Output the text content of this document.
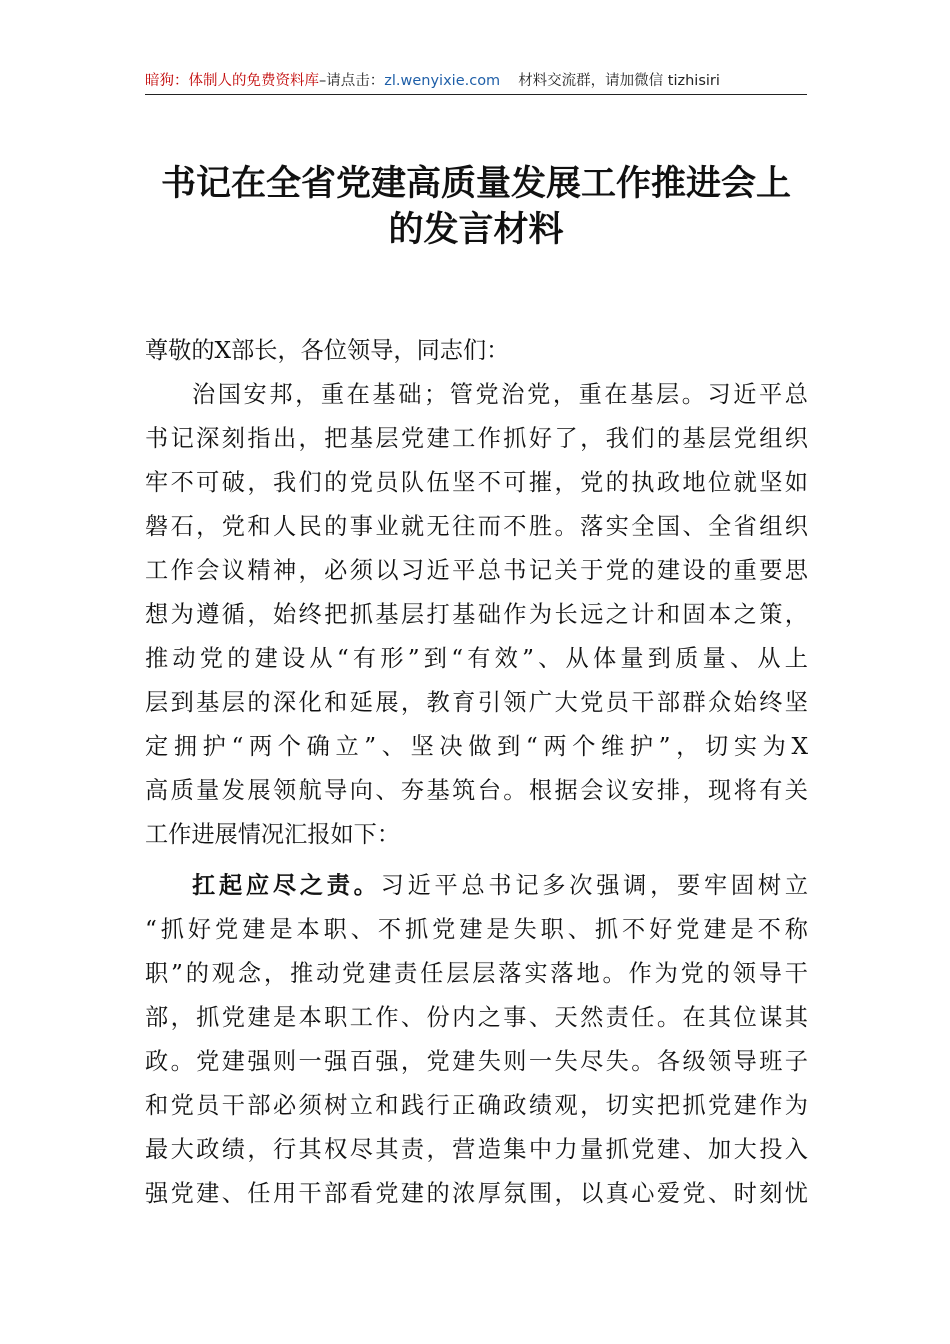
暗狗：体制人的免费资料库–请点击：zl.wenyixie.com 材料交流群，请加微信 tizhisiri
书记在全省党建高质量发展工作推进会上
的发言材料
尊敬的X部长，各位领导，同志们：
治国安邦，重在基础；管党治党，重在基层。习近平总
书记深刻指出，把基层党建工作抓好了，我们的基层党组织
牢不可破，我们的党员队伍坚不可摧，党的执政地位就坚如
磐石，党和人民的事业就无往而不胜。落实全国、全省组织
工作会议精神，必须以习近平总书记关于党的建设的重要思
想为遵循，始终把抓基层打基础作为长远之计和固本之策，
推动党的建设从“有形”到“有效”、从体量到质量、从上
层到基层的深化和延展，教育引领广大党员干部群众始终坚
定拥护“两个确立”、坚决做到“两个维护”，切实为X
高质量发展领航导向、夯基筑台。根据会议安排，现将有关
工作进展情况汇报如下：
扛起应尽之责。习近平总书记多次强调，要牢固树立
“抓好党建是本职、不抓党建是失职、抓不好党建是不称
职”的观念，推动党建责任层层落实落地。作为党的领导干
部，抓党建是本职工作、份内之事、天然责任。在其位谋其
政。党建强则一强百强，党建失则一失尽失。各级领导班子
和党员干部必须树立和践行正确政绩观，切实把抓党建作为
最大政绩，行其权尽其责，营造集中力量抓党建、加大投入
强党建、任用干部看党建的浓厚氛围，以真心爱党、时刻忧
